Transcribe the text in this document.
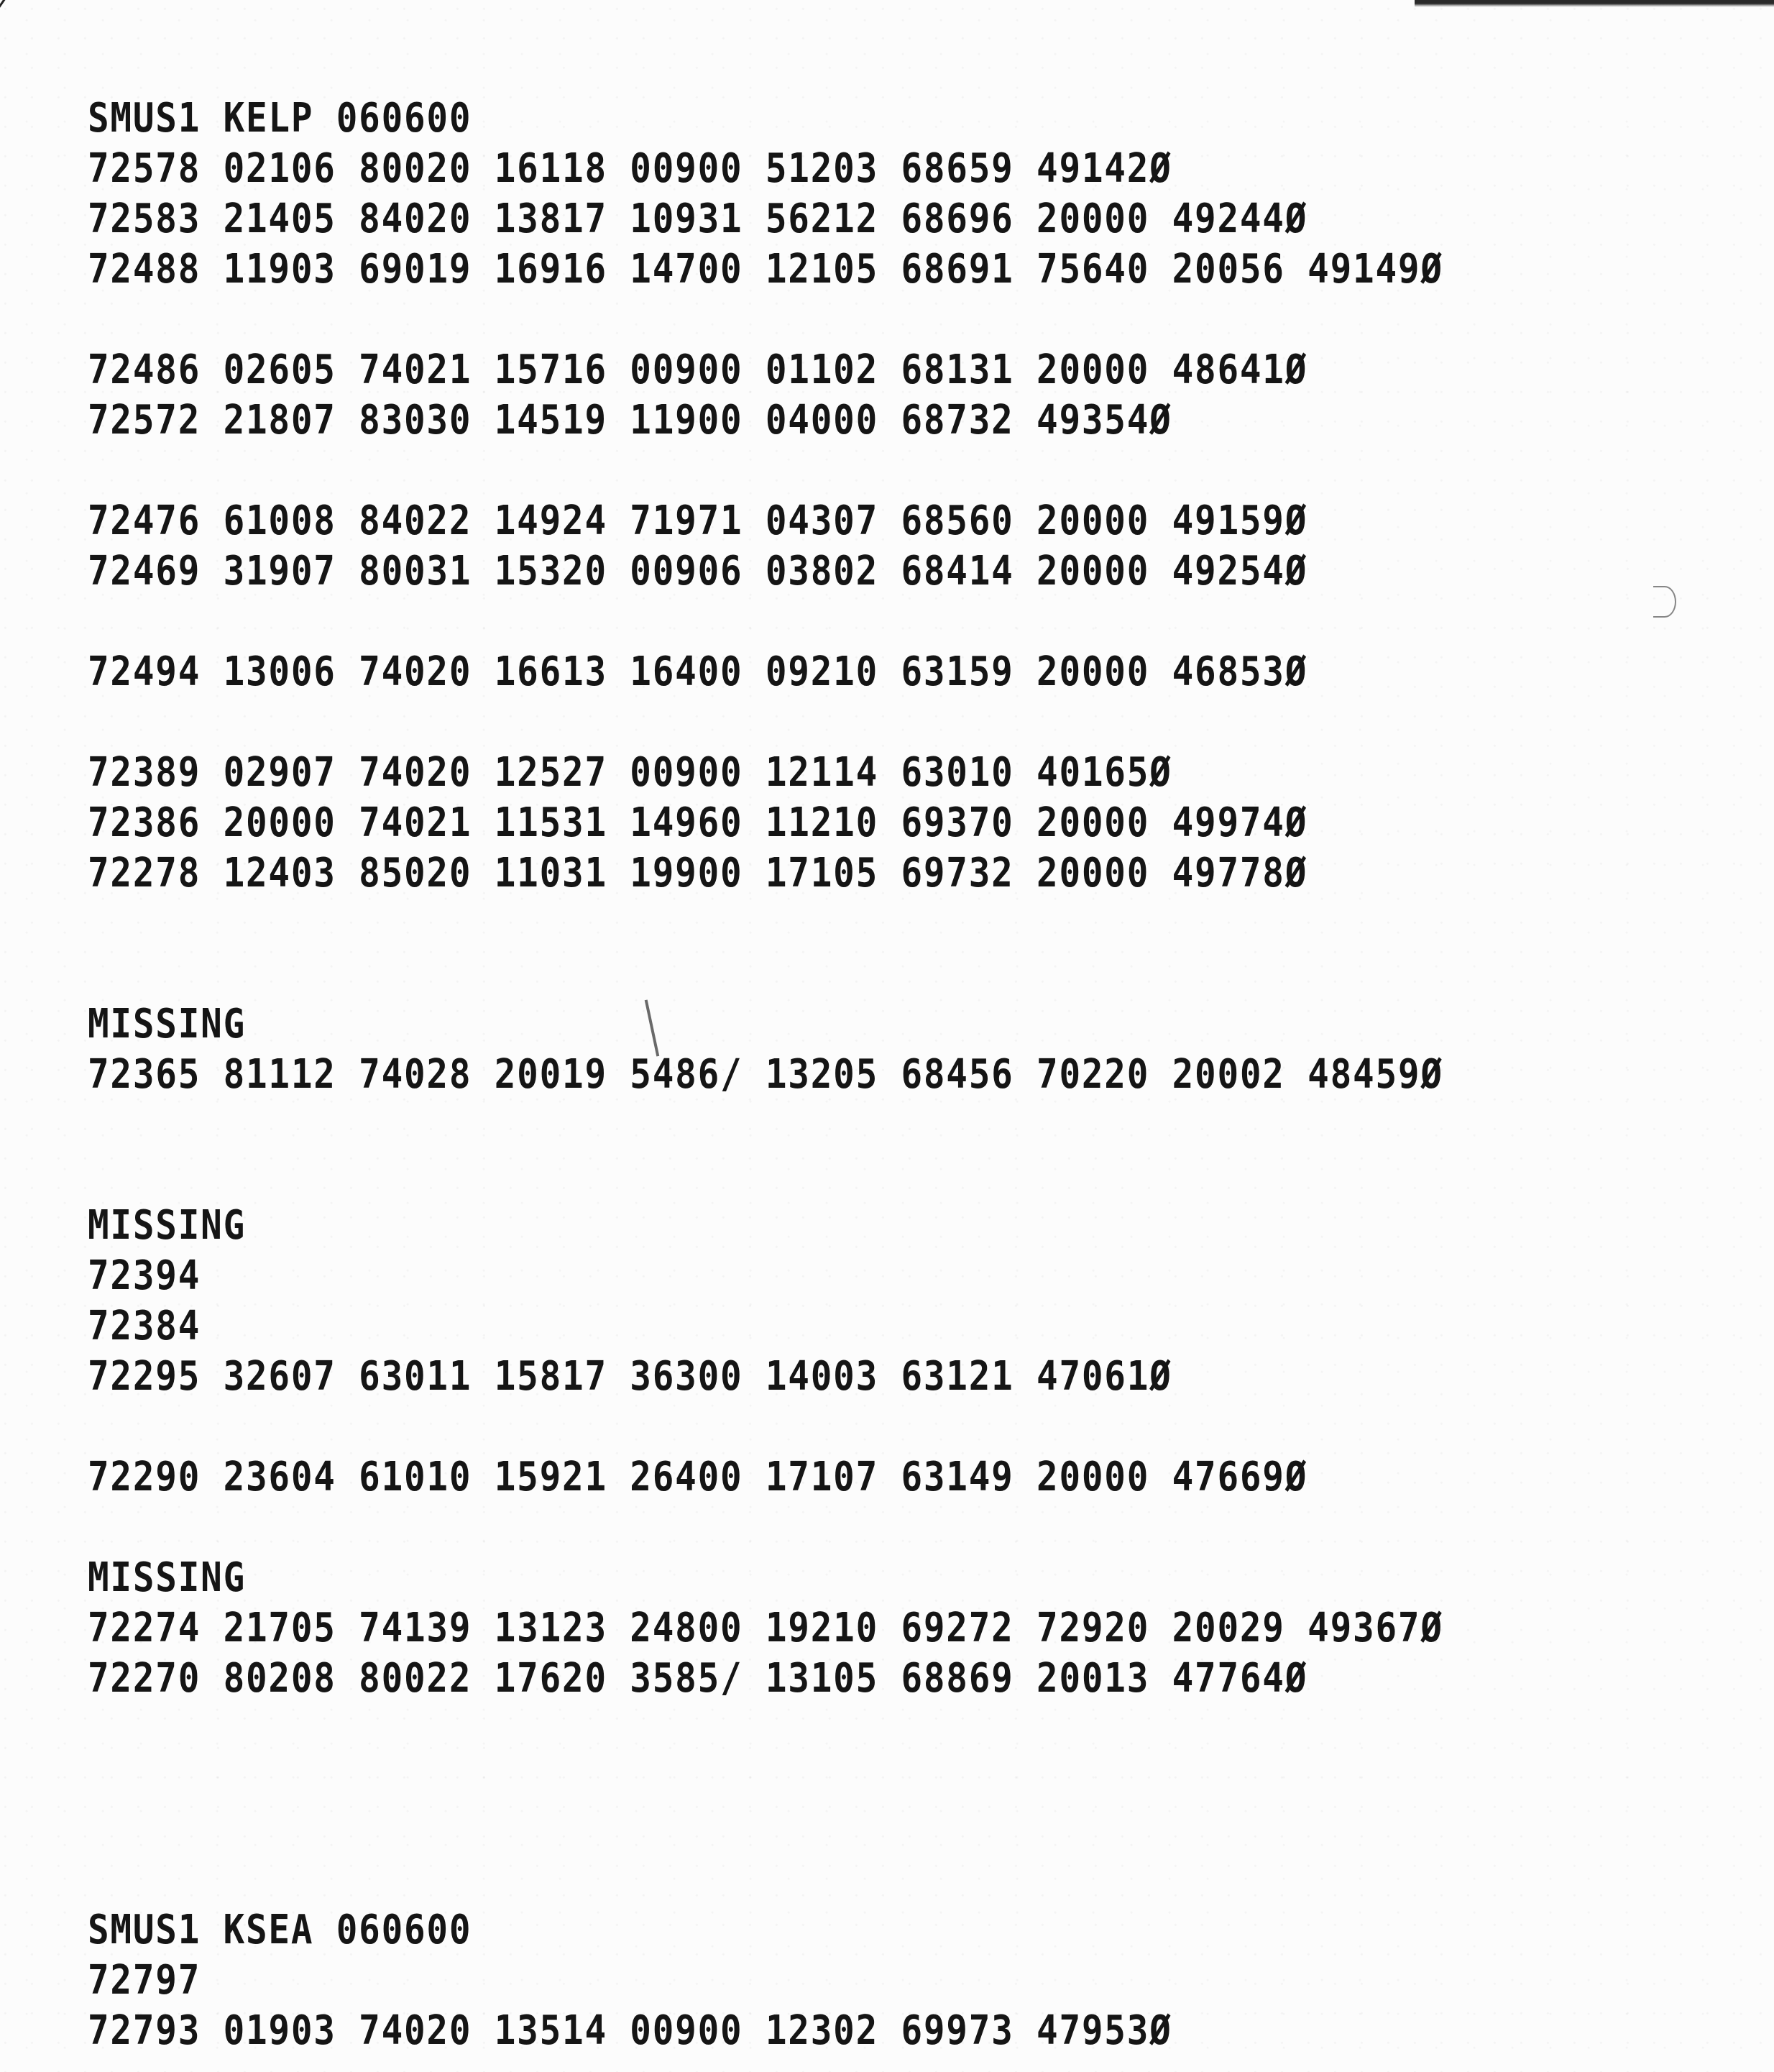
SMUS1 KELP 060600
72578 02106 80020 16118 00900 51203 68659 49142Ø
72583 21405 84020 13817 10931 56212 68696 20000 49244Ø
72488 11903 69019 16916 14700 12105 68691 75640 20056 49149Ø
72486 02605 74021 15716 00900 01102 68131 20000 48641Ø
72572 21807 83030 14519 11900 04000 68732 49354Ø
72476 61008 84022 14924 71971 04307 68560 20000 49159Ø
72469 31907 80031 15320 00906 03802 68414 20000 49254Ø
72494 13006 74020 16613 16400 09210 63159 20000 46853Ø
72389 02907 74020 12527 00900 12114 63010 40165Ø
72386 20000 74021 11531 14960 11210 69370 20000 49974Ø
72278 12403 85020 11031 19900 17105 69732 20000 49778Ø
MISSING
72365 81112 74028 20019 5486/ 13205 68456 70220 20002 48459Ø
MISSING
72394
72384
72295 32607 63011 15817 36300 14003 63121 47061Ø
72290 23604 61010 15921 26400 17107 63149 20000 47669Ø
MISSING
72274 21705 74139 13123 24800 19210 69272 72920 20029 49367Ø
72270 80208 80022 17620 3585/ 13105 68869 20013 47764Ø
SMUS1 KSEA 060600
72797
72793 01903 74020 13514 00900 12302 69973 47953Ø
